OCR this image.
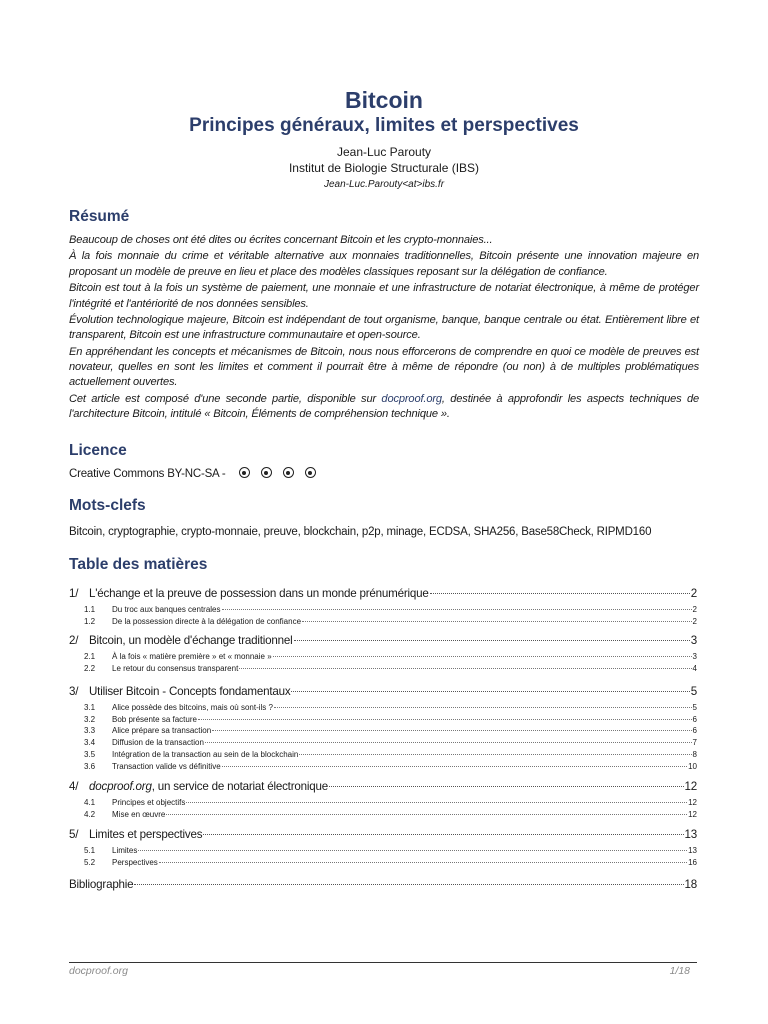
Bitcoin
Principes généraux, limites et perspectives
Jean-Luc Parouty
Institut de Biologie Structurale (IBS)
Jean-Luc.Parouty<at>ibs.fr
Résumé

Beaucoup de choses ont été dites ou écrites concernant Bitcoin et les crypto-monnaies...

À la fois monnaie du crime et véritable alternative aux monnaies traditionnelles, Bitcoin présente une innovation majeure en proposant un modèle de preuve en lieu et place des modèles classiques reposant sur la délégation de confiance.

Bitcoin est tout à la fois un système de paiement, une monnaie et une infrastructure de notariat électronique, à même de protéger l'intégrité et l'antériorité de nos données sensibles.

Évolution technologique majeure, Bitcoin est indépendant de tout organisme, banque, banque centrale ou état. Entièrement libre et transparent, Bitcoin est une infrastructure communautaire et open-source.

En appréhendant les concepts et mécanismes de Bitcoin, nous nous efforcerons de comprendre en quoi ce modèle de preuves est novateur, quelles en sont les limites et comment il pourrait être à même de répondre (ou non) à de multiples problématiques actuellement ouvertes.

Cet article est composé d'une seconde partie, disponible sur docproof.org, destinée à approfondir les aspects techniques de l'architecture Bitcoin, intitulé « Bitcoin, Éléments de compréhension technique ».

Licence
Creative Commons BY-NC-SA -
Mots-clefs
Bitcoin, cryptographie, crypto-monnaie, preuve, blockchain, p2p, minage, ECDSA, SHA256, Base58Check, RIPMD160
Table des matières
docproof.org	1/18
1/ L'échange et la preuve de possession dans un monde prénumérique	2
1.1	Du troc aux banques centrales	2
1.2	De la possession directe à la délégation de confiance	2
2/ Bitcoin, un modèle d'échange traditionnel	3
2.1	À la fois « matière première » et « monnaie »	3
2.2	Le retour du consensus transparent	4
3/ Utiliser Bitcoin - Concepts fondamentaux	5
3.1	Alice possède des bitcoins, mais où sont-ils ?	5
3.2	Bob présente sa facture	6
3.3	Alice prépare sa transaction	6
3.4	Diffusion de la transaction	7
3.5	Intégration de la transaction au sein de la blockchain	8
3.6	Transaction valide vs définitive	10
4/ docproof.org, un service de notariat électronique	12
4.1	Principes et objectifs	12
4.2	Mise en œuvre	12
5/ Limites et perspectives	13
5.1	Limites	13
5.2	Perspectives	16
Bibliographie	18
